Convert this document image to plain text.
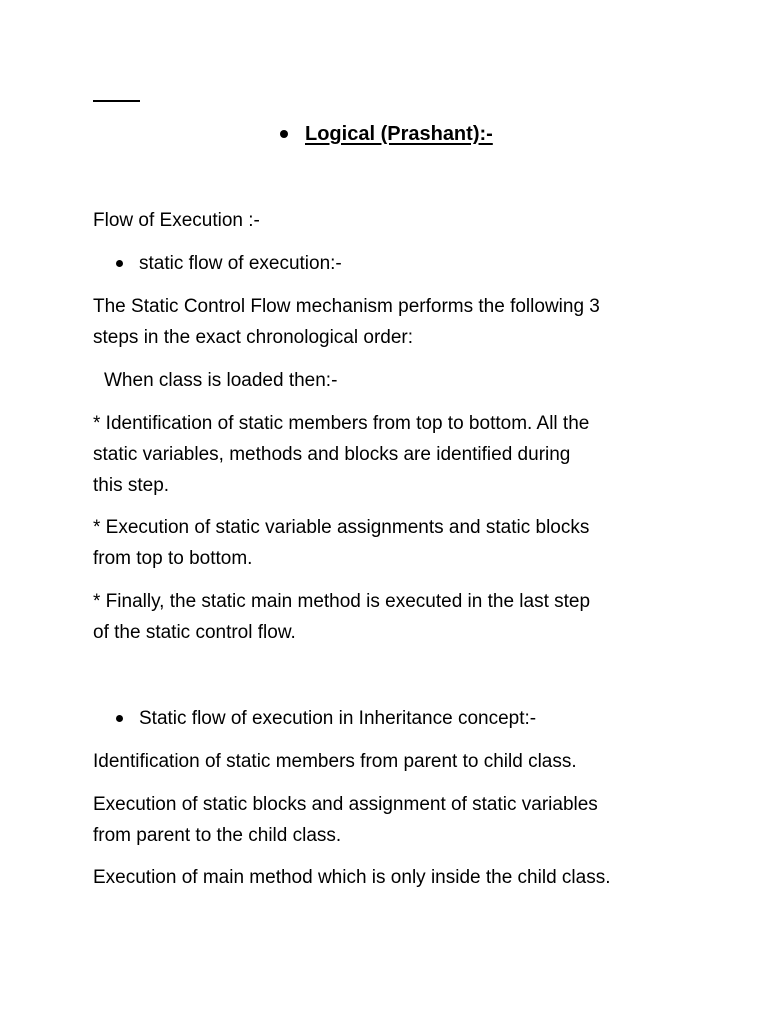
Logical (Prashant):-
Flow of Execution :-
static flow of execution:-
The Static Control Flow mechanism performs the following 3
steps in the exact chronological order:
When class is loaded then:-
* Identification of static members from top to bottom. All the
static variables, methods and blocks are identified during
this step.
* Execution of static variable assignments and static blocks
from top to bottom.
* Finally, the static main method is executed in the last step
of the static control flow.
Static flow of execution in Inheritance concept:-
Identification of static members from parent to child class.
Execution of static blocks and assignment of static variables
from parent to the child class.
Execution of main method which is only inside the child class.
